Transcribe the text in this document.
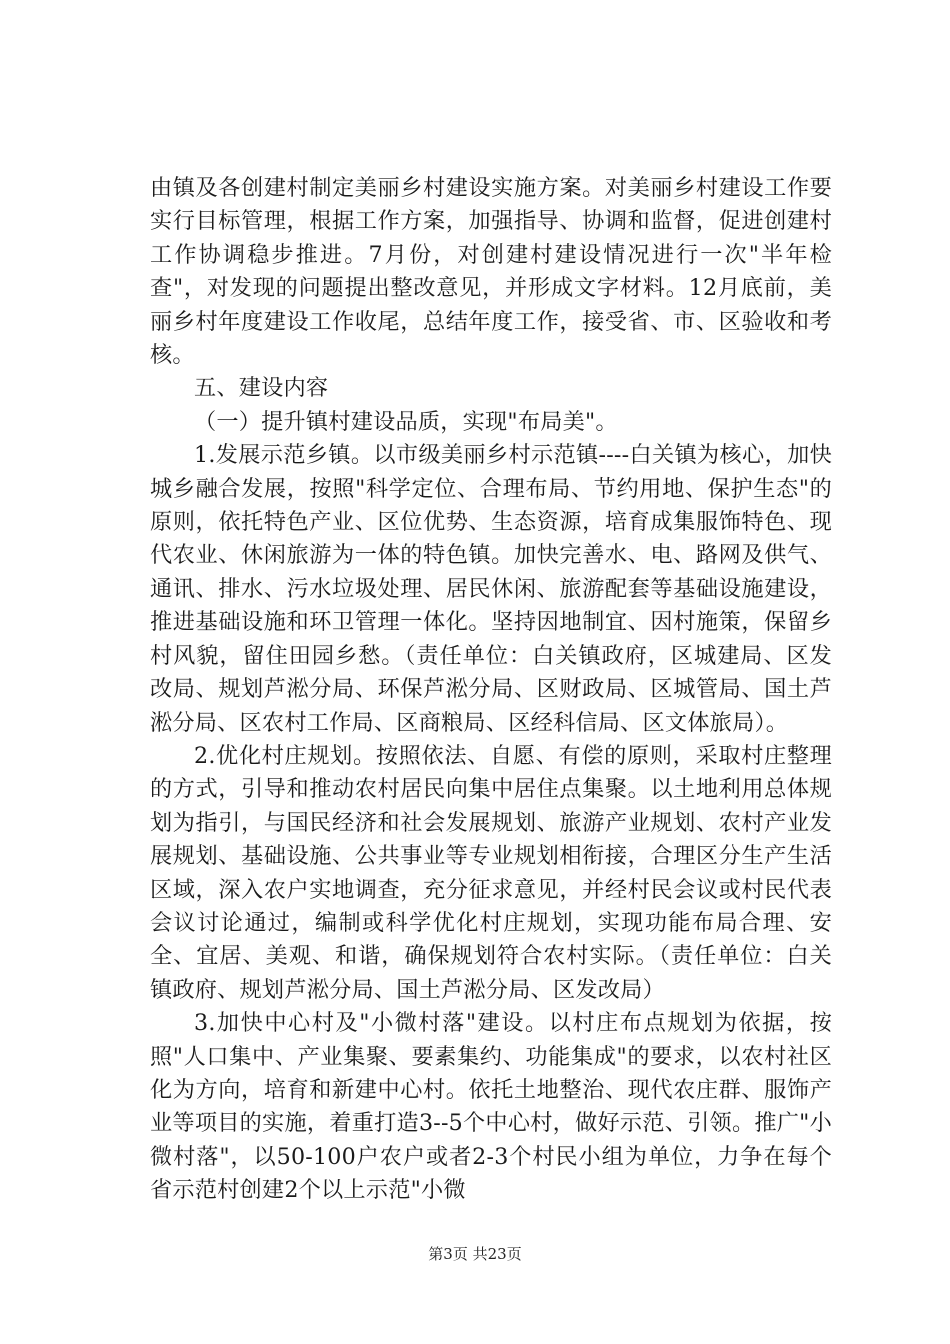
由镇及各创建村制定美丽乡村建设实施方案。对美丽乡村建设工作要实行目标管理，根据工作方案，加强指导、协调和监督，促进创建村工作协调稳步推进。7月份，对创建村建设情况进行一次"半年检查"，对发现的问题提出整改意见，并形成文字材料。12月底前，美丽乡村年度建设工作收尾，总结年度工作，接受省、市、区验收和考核。

五、建设内容

（一）提升镇村建设品质，实现"布局美"。

1.发展示范乡镇。以市级美丽乡村示范镇----白关镇为核心，加快城乡融合发展，按照"科学定位、合理布局、节约用地、保护生态"的原则，依托特色产业、区位优势、生态资源，培育成集服饰特色、现代农业、休闲旅游为一体的特色镇。加快完善水、电、路网及供气、通讯、排水、污水垃圾处理、居民休闲、旅游配套等基础设施建设，推进基础设施和环卫管理一体化。坚持因地制宜、因村施策，保留乡村风貌，留住田园乡愁。（责任单位：白关镇政府，区城建局、区发改局、规划芦淞分局、环保芦淞分局、区财政局、区城管局、国土芦淞分局、区农村工作局、区商粮局、区经科信局、区文体旅局）。

2.优化村庄规划。按照依法、自愿、有偿的原则，采取村庄整理的方式，引导和推动农村居民向集中居住点集聚。以土地利用总体规划为指引，与国民经济和社会发展规划、旅游产业规划、农村产业发展规划、基础设施、公共事业等专业规划相衔接，合理区分生产生活区域，深入农户实地调查，充分征求意见，并经村民会议或村民代表会议讨论通过，编制或科学优化村庄规划，实现功能布局合理、安全、宜居、美观、和谐，确保规划符合农村实际。（责任单位：白关镇政府、规划芦淞分局、国土芦淞分局、区发改局）

3.加快中心村及"小微村落"建设。以村庄布点规划为依据，按照"人口集中、产业集聚、要素集约、功能集成"的要求，以农村社区化为方向，培育和新建中心村。依托土地整治、现代农庄群、服饰产业等项目的实施，着重打造3--5个中心村，做好示范、引领。推广"小微村落"，以50-100户农户或者2-3个村民小组为单位，力争在每个省示范村创建2个以上示范"小微

第3页 共23页
